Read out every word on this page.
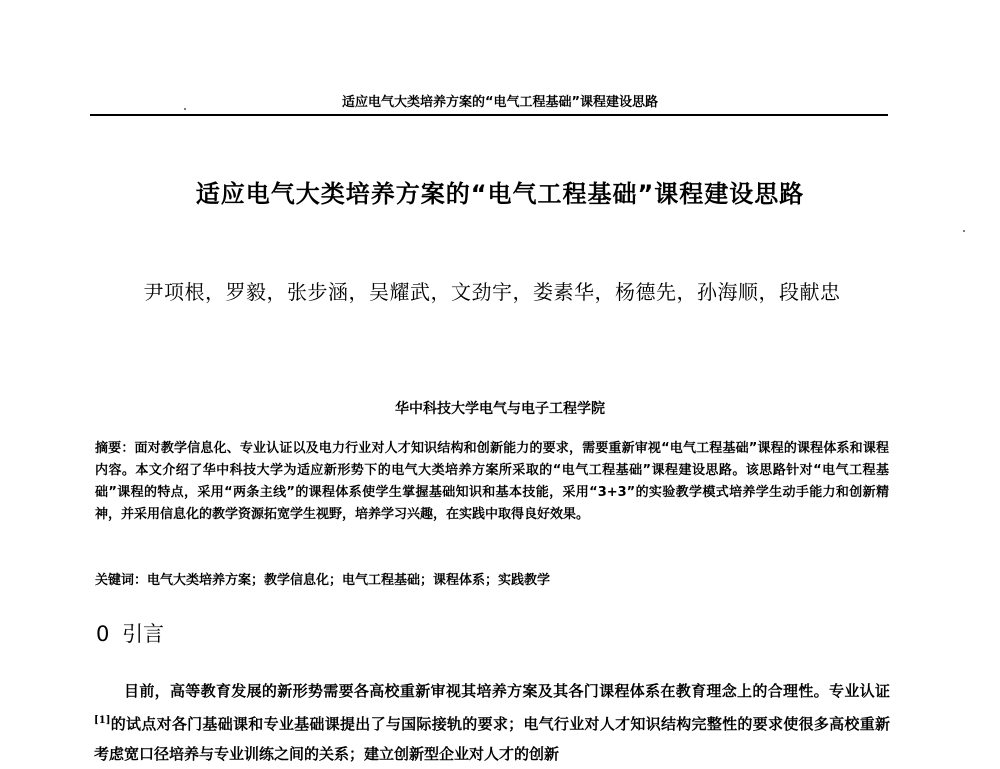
适应电气大类培养方案的“电气工程基础”课程建设思路
适应电气大类培养方案的“电气工程基础”课程建设思路
尹项根，罗毅，张步涵，吴耀武，文劲宇，娄素华，杨德先，孙海顺，段献忠
华中科技大学电气与电子工程学院
摘要：面对教学信息化、专业认证以及电力行业对人才知识结构和创新能力的要求，需要重新审视“电气工程基础”课程的课程体系和课程内容。本文介绍了华中科技大学为适应新形势下的电气大类培养方案所采取的“电气工程基础”课程建设思路。该思路针对“电气工程基础”课程的特点，采用“两条主线”的课程体系使学生掌握基础知识和基本技能，采用“3+3”的实验教学模式培养学生动手能力和创新精神，并采用信息化的教学资源拓宽学生视野，培养学习兴趣，在实践中取得良好效果。
关键词：电气大类培养方案；教学信息化；电气工程基础；课程体系；实践教学
0 引言
目前，高等教育发展的新形势需要各高校重新审视其培养方案及其各门课程体系在教育理念上的合理性。专业认证[1]的试点对各门基础课和专业基础课提出了与国际接轨的要求；电气行业对人才知识结构完整性的要求使很多高校重新考虑宽口径培养与专业训练之间的关系；建立创新型企业对人才的创新
